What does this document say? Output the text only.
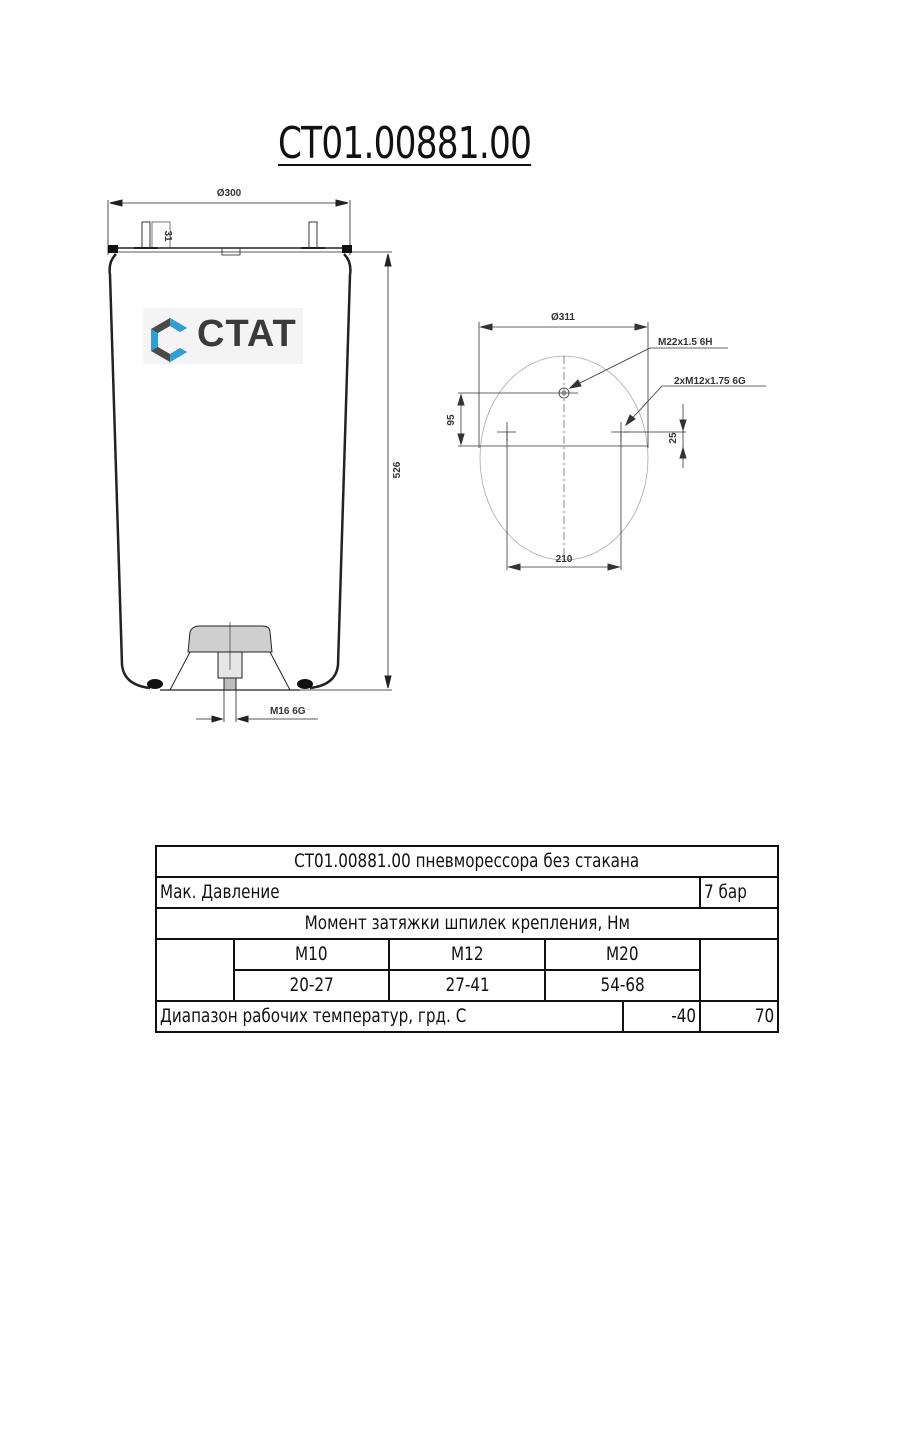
CT01.00881.00
Ø300
31
526
M16 6G
Ø311
M22x1.5 6H
2xM12x1.75 6G
95
25
210
CTAT
CT01.00881.00 пневморессора без стакана					
Мак. Давление					7 бар
Момент затяжки шпилек крепления, Нм					
	M10	M12	M20		
	20-27	27-41	54-68		
Диапазон рабочих температур, грд. С				-40	70
